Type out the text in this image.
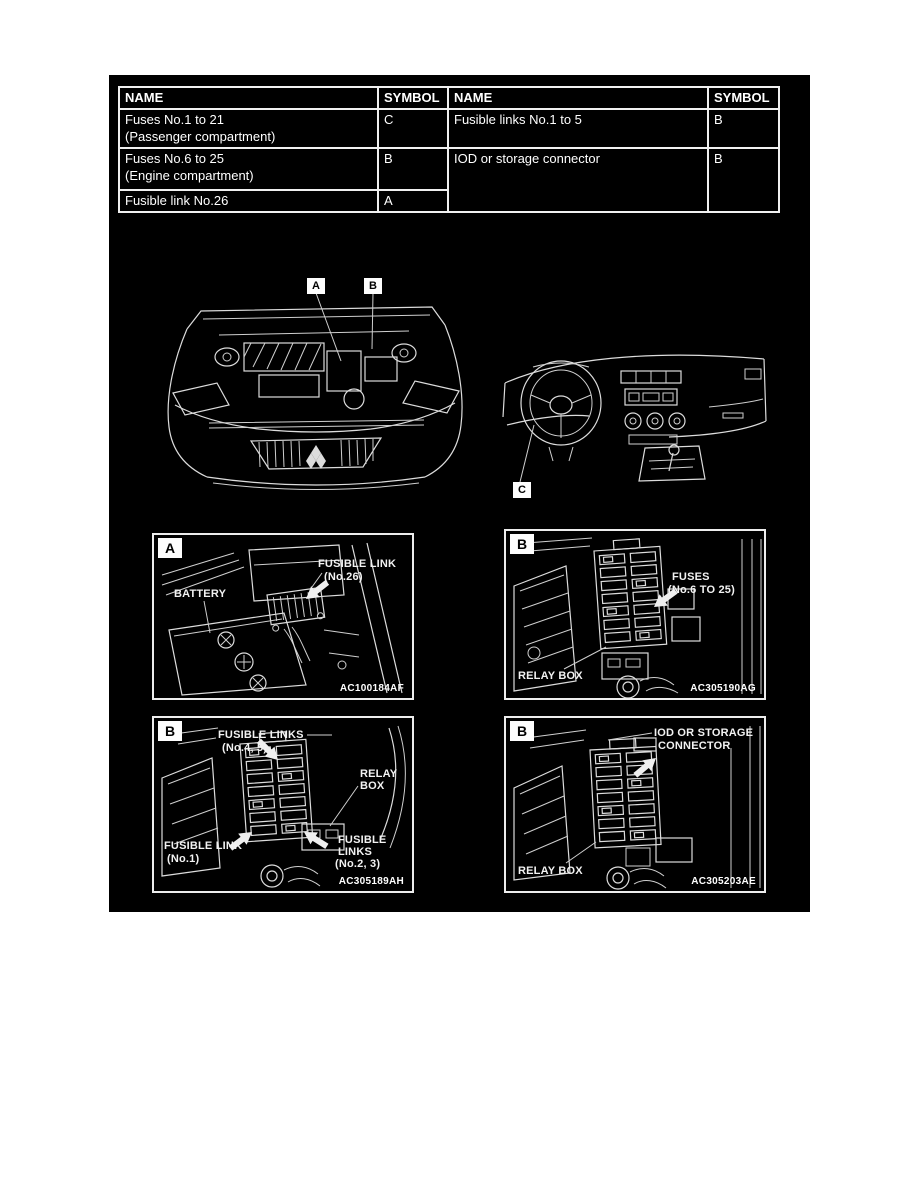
NAME	SYMBOL	NAME	SYMBOL
Fuses No.1 to 21
(Passenger compartment)	C	Fusible links No.1 to 5	B
Fuses No.6 to 25
(Engine compartment)	B	IOD or storage connector	B
Fusible link No.26	A		
A	B
C
A
FUSIBLE LINK
(No.26)
BATTERY
AC100184AF
B
FUSES
(No.6 TO 25)
RELAY BOX
AC305190AG
B	FUSIBLE LINKS
(No.4, 5)
RELAY
BOX
FUSIBLE LINK
(No.1)
FUSIBLE
LINKS
(No.2, 3)
AC305189AH
B	IOD OR STORAGE
CONNECTOR
RELAY BOX
AC305203AE
